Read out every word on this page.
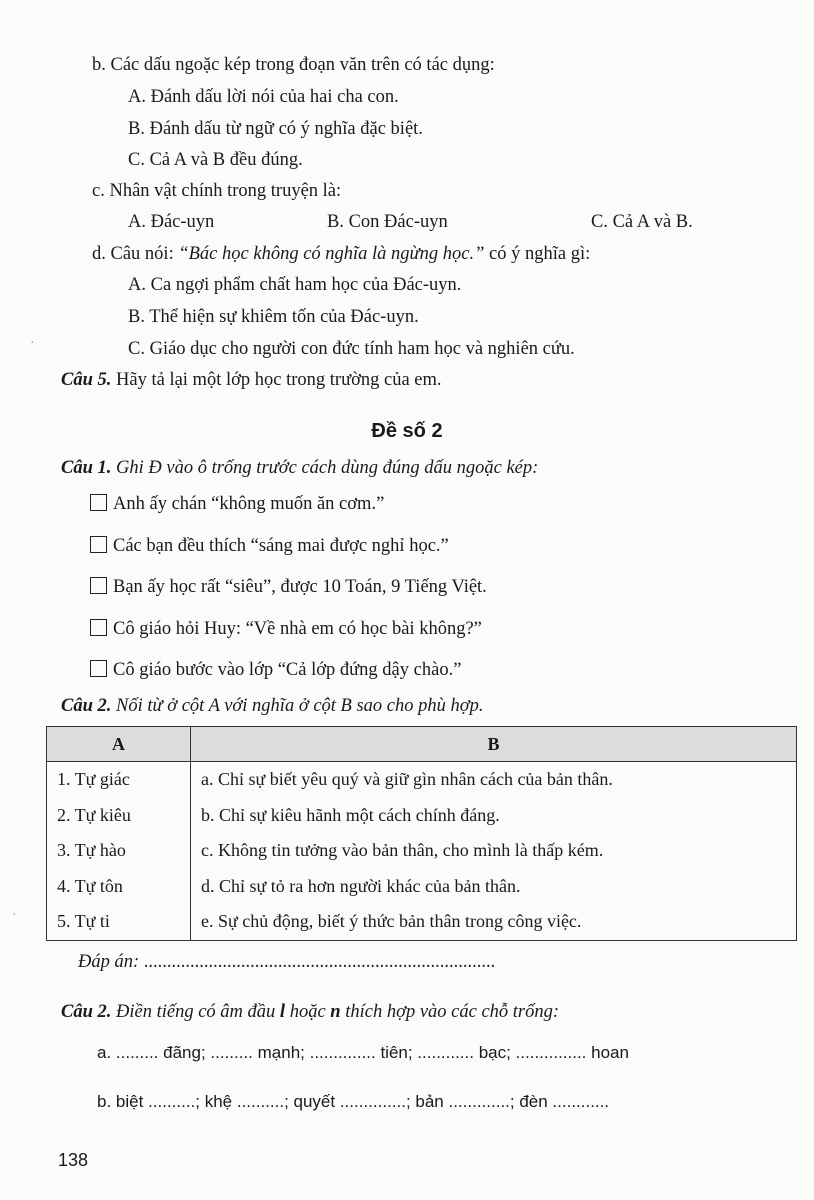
b. Các dấu ngoặc kép trong đoạn văn trên có tác dụng:
A. Đánh dấu lời nói của hai cha con.
B. Đánh dấu từ ngữ có ý nghĩa đặc biệt.
C. Cả A và B đều đúng.
c. Nhân vật chính trong truyện là:
A. Đác-uyn	B. Con Đác-uyn	C. Cả A và B.
d. Câu nói: “Bác học không có nghĩa là ngừng học.” có ý nghĩa gì:
A. Ca ngợi phẩm chất ham học của Đác-uyn.
B. Thể hiện sự khiêm tốn của Đác-uyn.
C. Giáo dục cho người con đức tính ham học và nghiên cứu.
Câu 5. Hãy tả lại một lớp học trong trường của em.
Đề số 2
Câu 1. Ghi Đ vào ô trống trước cách dùng đúng dấu ngoặc kép:
Anh ấy chán “không muốn ăn cơm.”
Các bạn đều thích “sáng mai được nghỉ học.”
Bạn ấy học rất “siêu”, được 10 Toán, 9 Tiếng Việt.
Cô giáo hỏi Huy: “Về nhà em có học bài không?”
Cô giáo bước vào lớp “Cả lớp đứng dậy chào.”
Câu 2. Nối từ ở cột A với nghĩa ở cột B sao cho phù hợp.
A	B
1. Tự giác	a. Chỉ sự biết yêu quý và giữ gìn nhân cách của bản thân.
2. Tự kiêu	b. Chỉ sự kiêu hãnh một cách chính đáng.
3. Tự hào	c. Không tin tưởng vào bản thân, cho mình là thấp kém.
4. Tự tôn	d. Chỉ sự tỏ ra hơn người khác của bản thân.
5. Tự ti	e. Sự chủ động, biết ý thức bản thân trong công việc.
Đáp án: ............................................................................
Câu 2. Điền tiếng có âm đầu l hoặc n thích hợp vào các chỗ trống:
a. ......... đãng; ......... mạnh; .............. tiên; ............ bạc; ............... hoan
b. biệt ..........; khệ ..........; quyết ..............; bản .............; đèn ............
138
·
·
